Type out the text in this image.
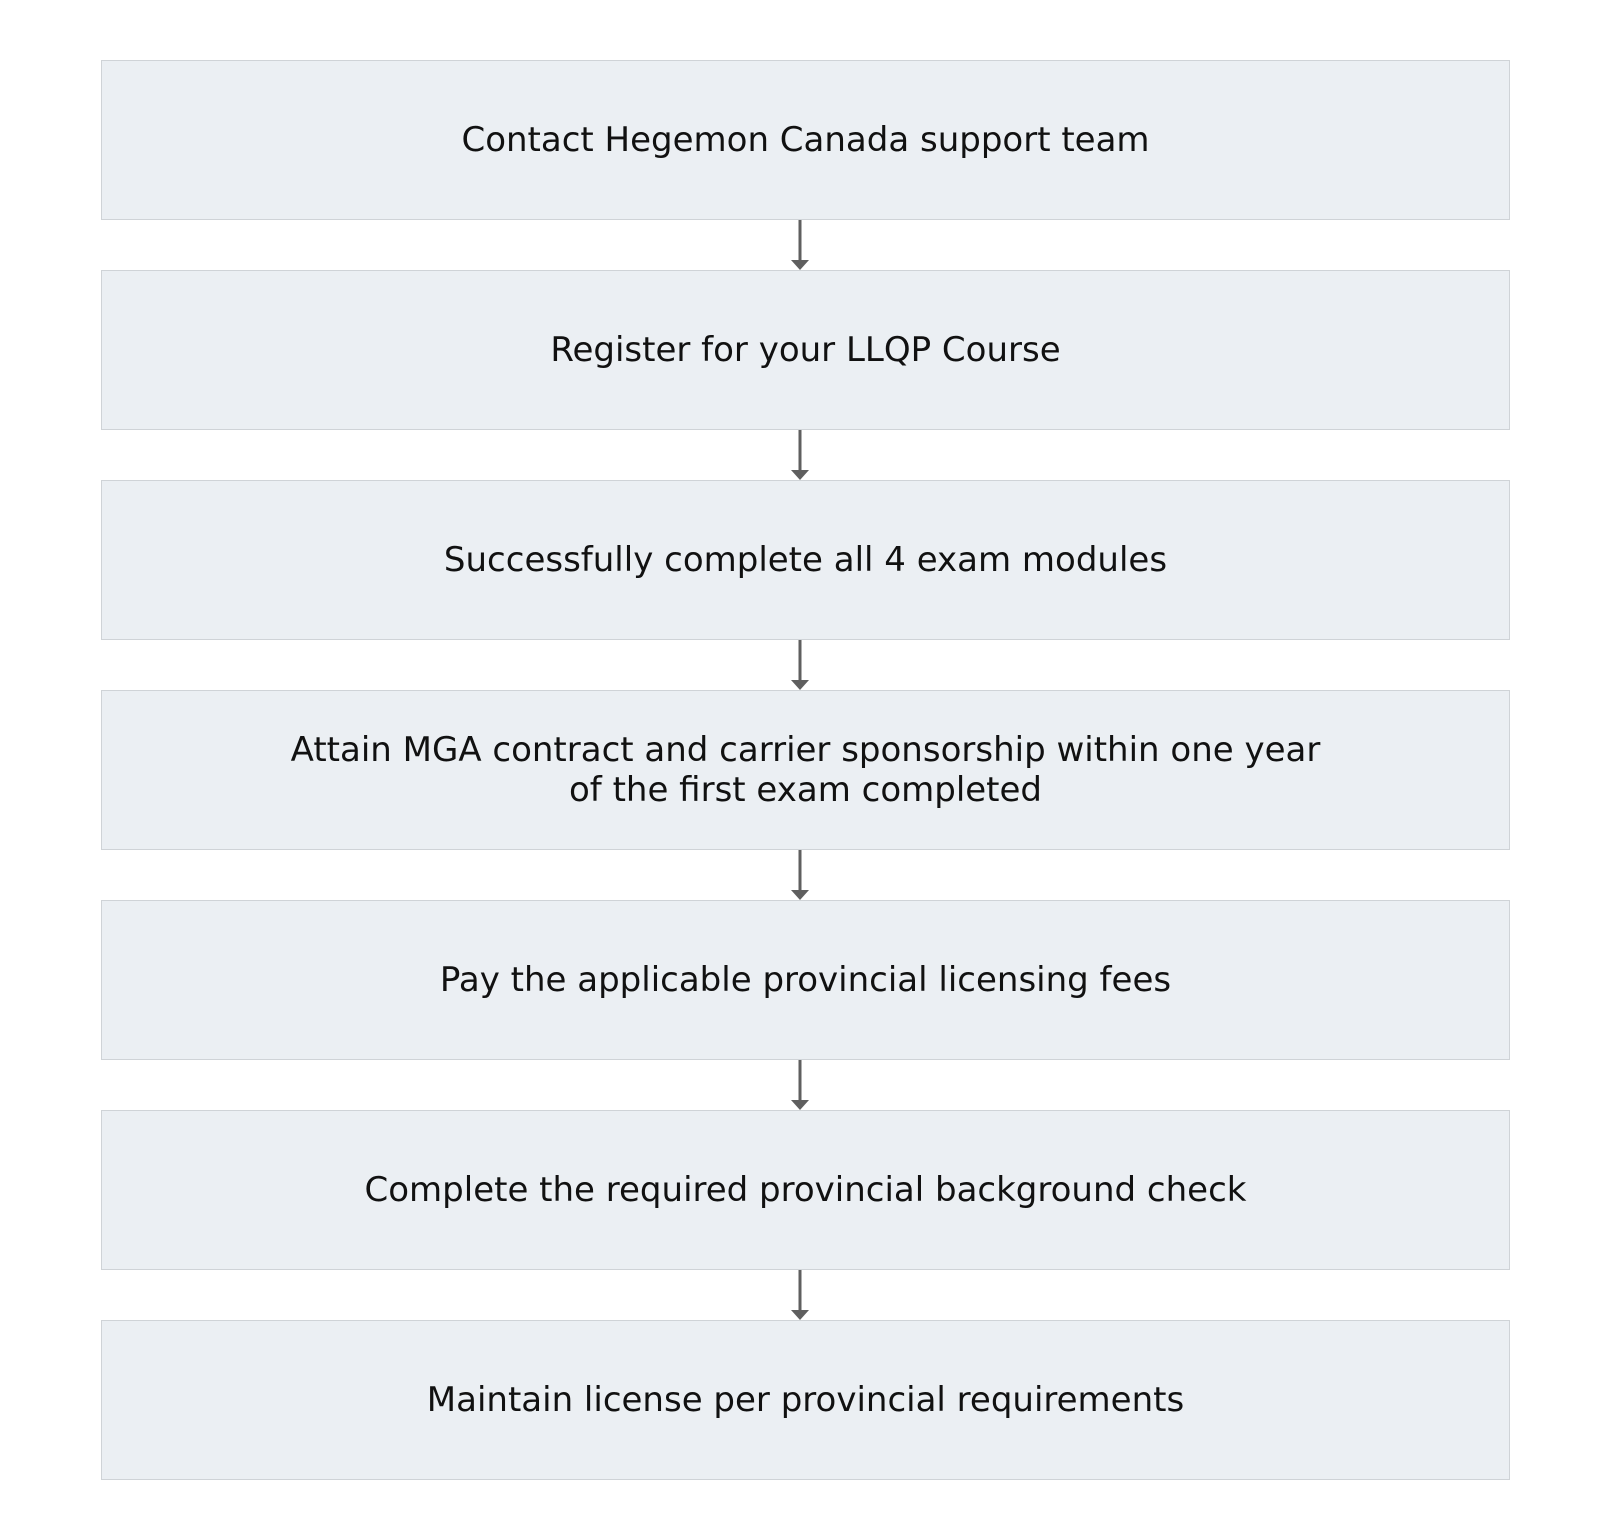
Contact Hegemon Canada support team
Register for your LLQP Course
Successfully complete all 4 exam modules
Attain MGA contract and carrier sponsorship within one year
of the first exam completed
Pay the applicable provincial licensing fees
Complete the required provincial background check
Maintain license per provincial requirements
